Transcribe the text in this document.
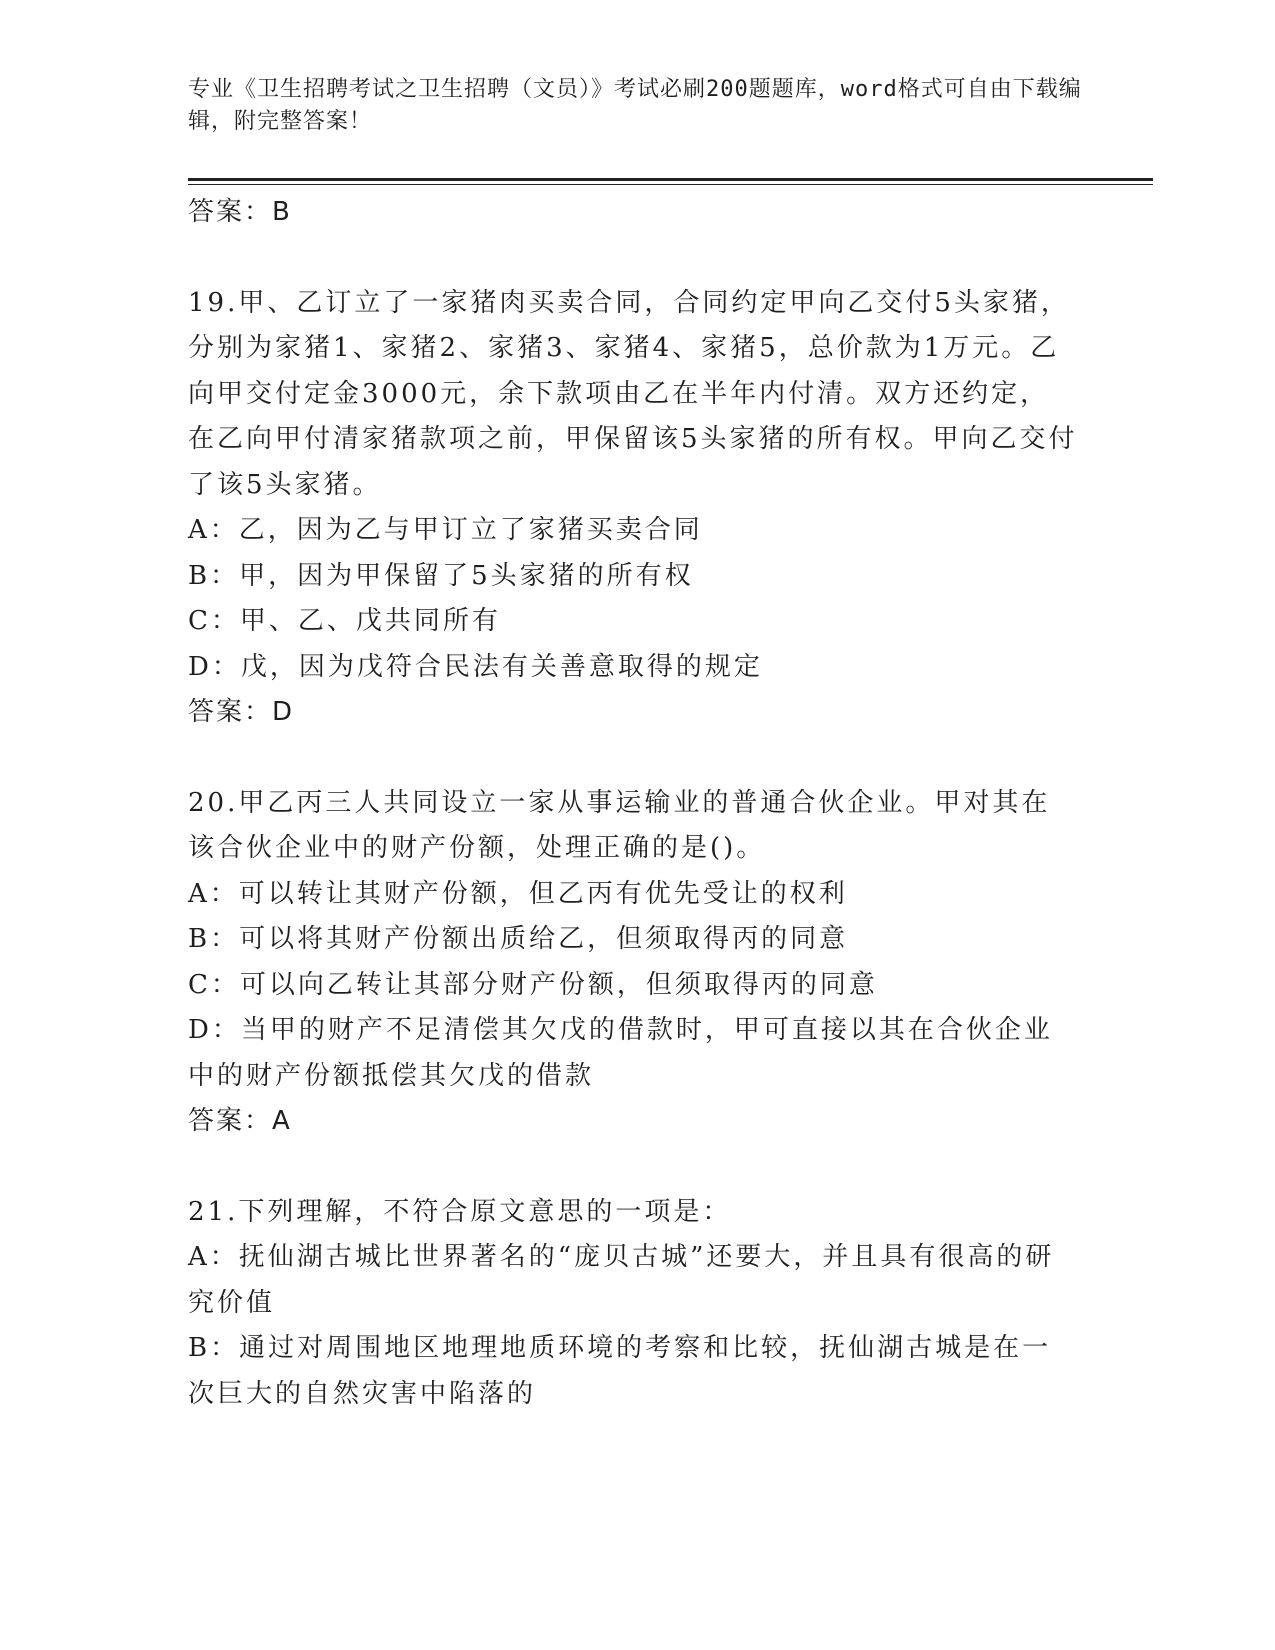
专业《卫生招聘考试之卫生招聘（文员）》考试必刷200题题库，word格式可自由下载编辑，附完整答案！
答案：B
19.甲、乙订立了一家猪肉买卖合同，合同约定甲向乙交付5头家猪，分别为家猪1、家猪2、家猪3、家猪4、家猪5，总价款为1万元。乙向甲交付定金3000元，余下款项由乙在半年内付清。双方还约定，在乙向甲付清家猪款项之前，甲保留该5头家猪的所有权。甲向乙交付了该5头家猪。
A：乙，因为乙与甲订立了家猪买卖合同
B：甲，因为甲保留了5头家猪的所有权
C：甲、乙、戊共同所有
D：戊，因为戊符合民法有关善意取得的规定
答案：D
20.甲乙丙三人共同设立一家从事运输业的普通合伙企业。甲对其在该合伙企业中的财产份额，处理正确的是()。
A：可以转让其财产份额，但乙丙有优先受让的权利
B：可以将其财产份额出质给乙，但须取得丙的同意
C：可以向乙转让其部分财产份额，但须取得丙的同意
D：当甲的财产不足清偿其欠戊的借款时，甲可直接以其在合伙企业中的财产份额抵偿其欠戊的借款
答案：A
21.下列理解，不符合原文意思的一项是：
A：抚仙湖古城比世界著名的“庞贝古城”还要大，并且具有很高的研究价值
B：通过对周围地区地理地质环境的考察和比较，抚仙湖古城是在一次巨大的自然灾害中陷落的
